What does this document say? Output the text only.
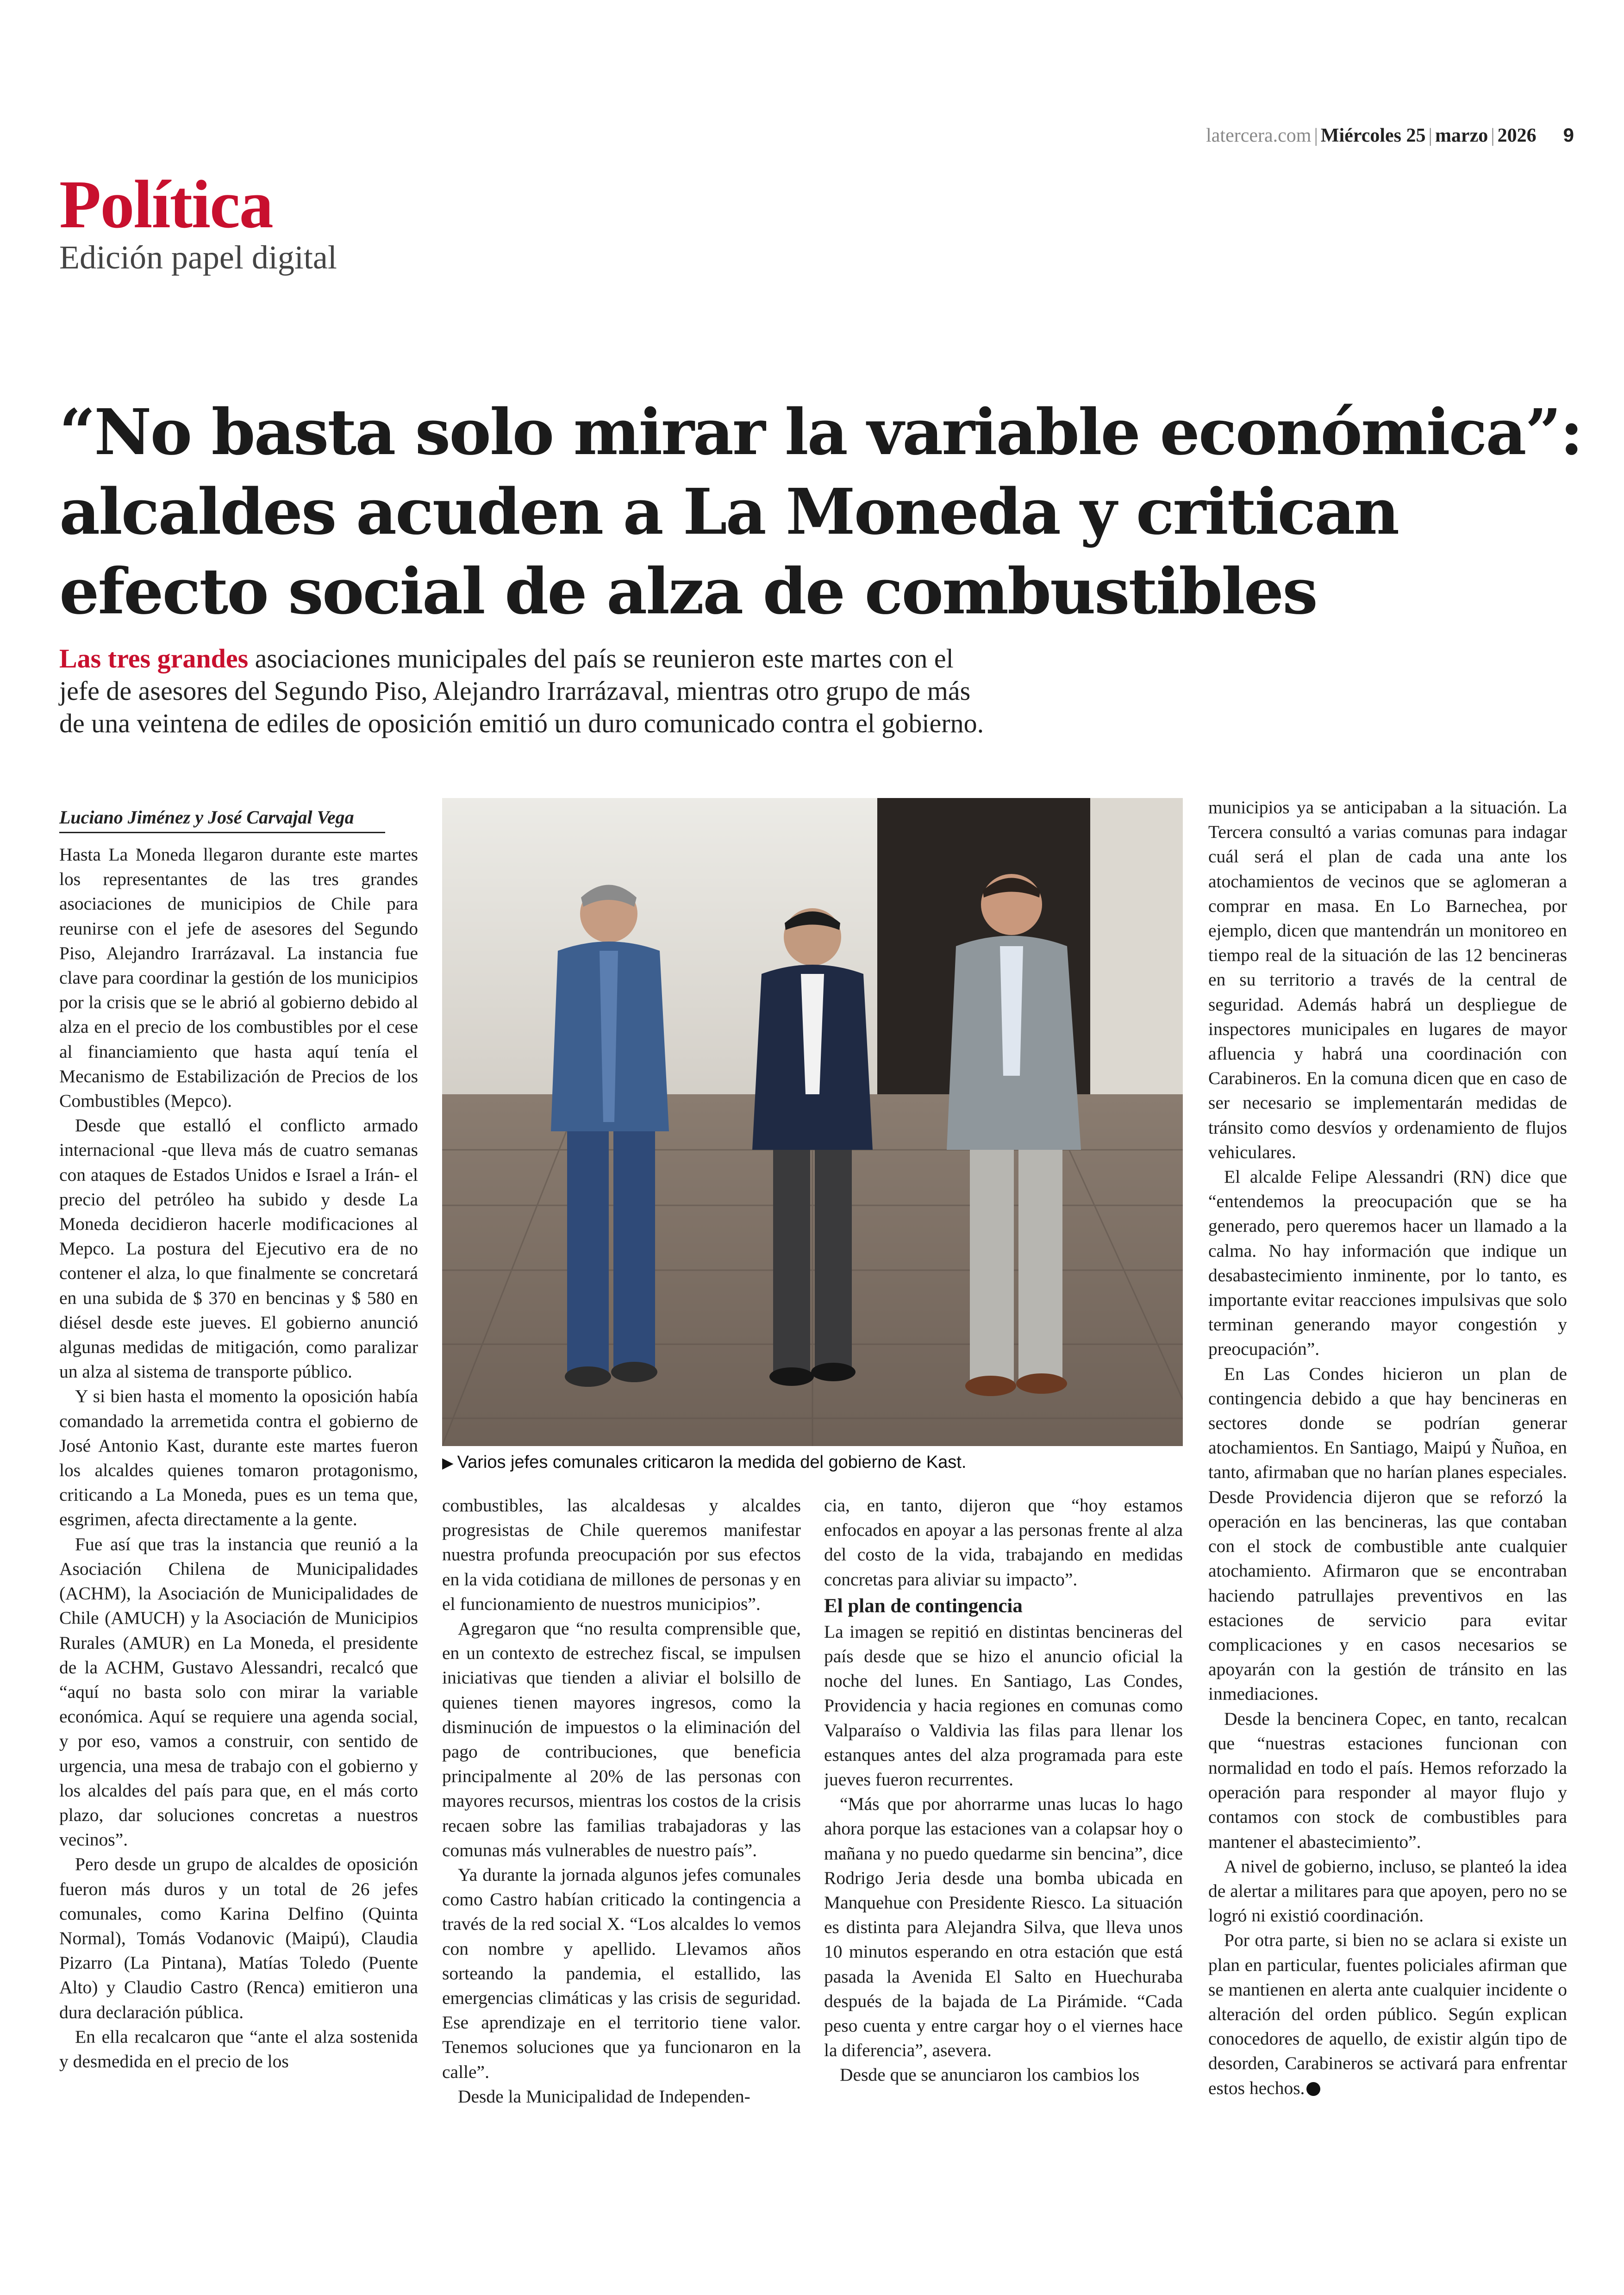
latercera.com | Miércoles 25 | marzo | 2026 9
Política
Edición papel digital
“No basta solo mirar la variable económica”:
alcaldes acuden a La Moneda y critican
efecto social de alza de combustibles
Las tres grandes asociaciones municipales del país se reunieron este martes con el
jefe de asesores del Segundo Piso, Alejandro Irarrázaval, mientras otro grupo de más
de una veintena de ediles de oposición emitió un duro comunicado contra el gobierno.
Luciano Jiménez y José Carvajal Vega

Hasta La Moneda llegaron durante este martes los representantes de las tres grandes asociaciones de municipios de Chile para reunirse con el jefe de asesores del Segundo Piso, Alejandro Irarrázaval. La instancia fue clave para coordinar la gestión de los municipios por la crisis que se le abrió al gobierno debido al alza en el precio de los combustibles por el cese al financiamiento que hasta aquí tenía el Mecanismo de Estabilización de Precios de los Combustibles (Mepco).

Desde que estalló el conflicto armado internacional -que lleva más de cuatro semanas con ataques de Estados Unidos e Israel a Irán- el precio del petróleo ha subido y desde La Moneda decidieron hacerle modificaciones al Mepco. La postura del Ejecutivo era de no contener el alza, lo que finalmente se concretará en una subida de $ 370 en bencinas y $ 580 en diésel desde este jueves. El gobierno anunció algunas medidas de mitigación, como paralizar un alza al sistema de transporte público.

Y si bien hasta el momento la oposición había comandado la arremetida contra el gobierno de José Antonio Kast, durante este martes fueron los alcaldes quienes tomaron protagonismo, criticando a La Moneda, pues es un tema que, esgrimen, afecta directamente a la gente.

Fue así que tras la instancia que reunió a la Asociación Chilena de Municipalidades (ACHM), la Asociación de Municipalidades de Chile (AMUCH) y la Asociación de Municipios Rurales (AMUR) en La Moneda, el presidente de la ACHM, Gustavo Alessandri, recalcó que “aquí no basta solo con mirar la variable económica. Aquí se requiere una agenda social, y por eso, vamos a construir, con sentido de urgencia, una mesa de trabajo con el gobierno y los alcaldes del país para que, en el más corto plazo, dar soluciones concretas a nuestros vecinos”.

Pero desde un grupo de alcaldes de oposición fueron más duros y un total de 26 jefes comunales, como Karina Delfino (Quinta Normal), Tomás Vodanovic (Maipú), Claudia Pizarro (La Pintana), Matías Toledo (Puente Alto) y Claudio Castro (Renca) emitieron una dura declaración pública.

En ella recalcaron que “ante el alza sostenida y desmedida en el precio de los

▶ Varios jefes comunales criticaron la medida del gobierno de Kast.

combustibles, las alcaldesas y alcaldes progresistas de Chile queremos manifestar nuestra profunda preocupación por sus efectos en la vida cotidiana de millones de personas y en el funcionamiento de nuestros municipios”.

Agregaron que “no resulta comprensible que, en un contexto de estrechez fiscal, se impulsen iniciativas que tienden a aliviar el bolsillo de quienes tienen mayores ingresos, como la disminución de impuestos o la eliminación del pago de contribuciones, que beneficia principalmente al 20% de las personas con mayores recursos, mientras los costos de la crisis recaen sobre las familias trabajadoras y las comunas más vulnerables de nuestro país”.

Ya durante la jornada algunos jefes comunales como Castro habían criticado la contingencia a través de la red social X. “Los alcaldes lo vemos con nombre y apellido. Llevamos años sorteando la pandemia, el estallido, las emergencias climáticas y las crisis de seguridad. Ese aprendizaje en el territorio tiene valor. Tenemos soluciones que ya funcionaron en la calle”.

Desde la Municipalidad de Independen-

cia, en tanto, dijeron que “hoy estamos enfocados en apoyar a las personas frente al alza del costo de la vida, trabajando en medidas concretas para aliviar su impacto”.

El plan de contingencia

La imagen se repitió en distintas bencineras del país desde que se hizo el anuncio oficial la noche del lunes. En Santiago, Las Condes, Providencia y hacia regiones en comunas como Valparaíso o Valdivia las filas para llenar los estanques antes del alza programada para este jueves fueron recurrentes.

“Más que por ahorrarme unas lucas lo hago ahora porque las estaciones van a colapsar hoy o mañana y no puedo quedarme sin bencina”, dice Rodrigo Jeria desde una bomba ubicada en Manquehue con Presidente Riesco. La situación es distinta para Alejandra Silva, que lleva unos 10 minutos esperando en otra estación que está pasada la Avenida El Salto en Huechuraba después de la bajada de La Pirámide. “Cada peso cuenta y entre cargar hoy o el viernes hace la diferencia”, asevera.

Desde que se anunciaron los cambios los

municipios ya se anticipaban a la situación. La Tercera consultó a varias comunas para indagar cuál será el plan de cada una ante los atochamientos de vecinos que se aglomeran a comprar en masa. En Lo Barnechea, por ejemplo, dicen que mantendrán un monitoreo en tiempo real de la situación de las 12 bencineras en su territorio a través de la central de seguridad. Además habrá un despliegue de inspectores municipales en lugares de mayor afluencia y habrá una coordinación con Carabineros. En la comuna dicen que en caso de ser necesario se implementarán medidas de tránsito como desvíos y ordenamiento de flujos vehiculares.

El alcalde Felipe Alessandri (RN) dice que “entendemos la preocupación que se ha generado, pero queremos hacer un llamado a la calma. No hay información que indique un desabastecimiento inminente, por lo tanto, es importante evitar reacciones impulsivas que solo terminan generando mayor congestión y preocupación”.

En Las Condes hicieron un plan de contingencia debido a que hay bencineras en sectores donde se podrían generar atochamientos. En Santiago, Maipú y Ñuñoa, en tanto, afirmaban que no harían planes especiales. Desde Providencia dijeron que se reforzó la operación en las bencineras, las que contaban con el stock de combustible ante cualquier atochamiento. Afirmaron que se encontraban haciendo patrullajes preventivos en las estaciones de servicio para evitar complicaciones y en casos necesarios se apoyarán con la gestión de tránsito en las inmediaciones.

Desde la bencinera Copec, en tanto, recalcan que “nuestras estaciones funcionan con normalidad en todo el país. Hemos reforzado la operación para responder al mayor flujo y contamos con stock de combustibles para mantener el abastecimiento”.

A nivel de gobierno, incluso, se planteó la idea de alertar a militares para que apoyen, pero no se logró ni existió coordinación.

Por otra parte, si bien no se aclara si existe un plan en particular, fuentes policiales afirman que se mantienen en alerta ante cualquier incidente o alteración del orden público. Según explican conocedores de aquello, de existir algún tipo de desorden, Carabineros se activará para enfrentar estos hechos.
